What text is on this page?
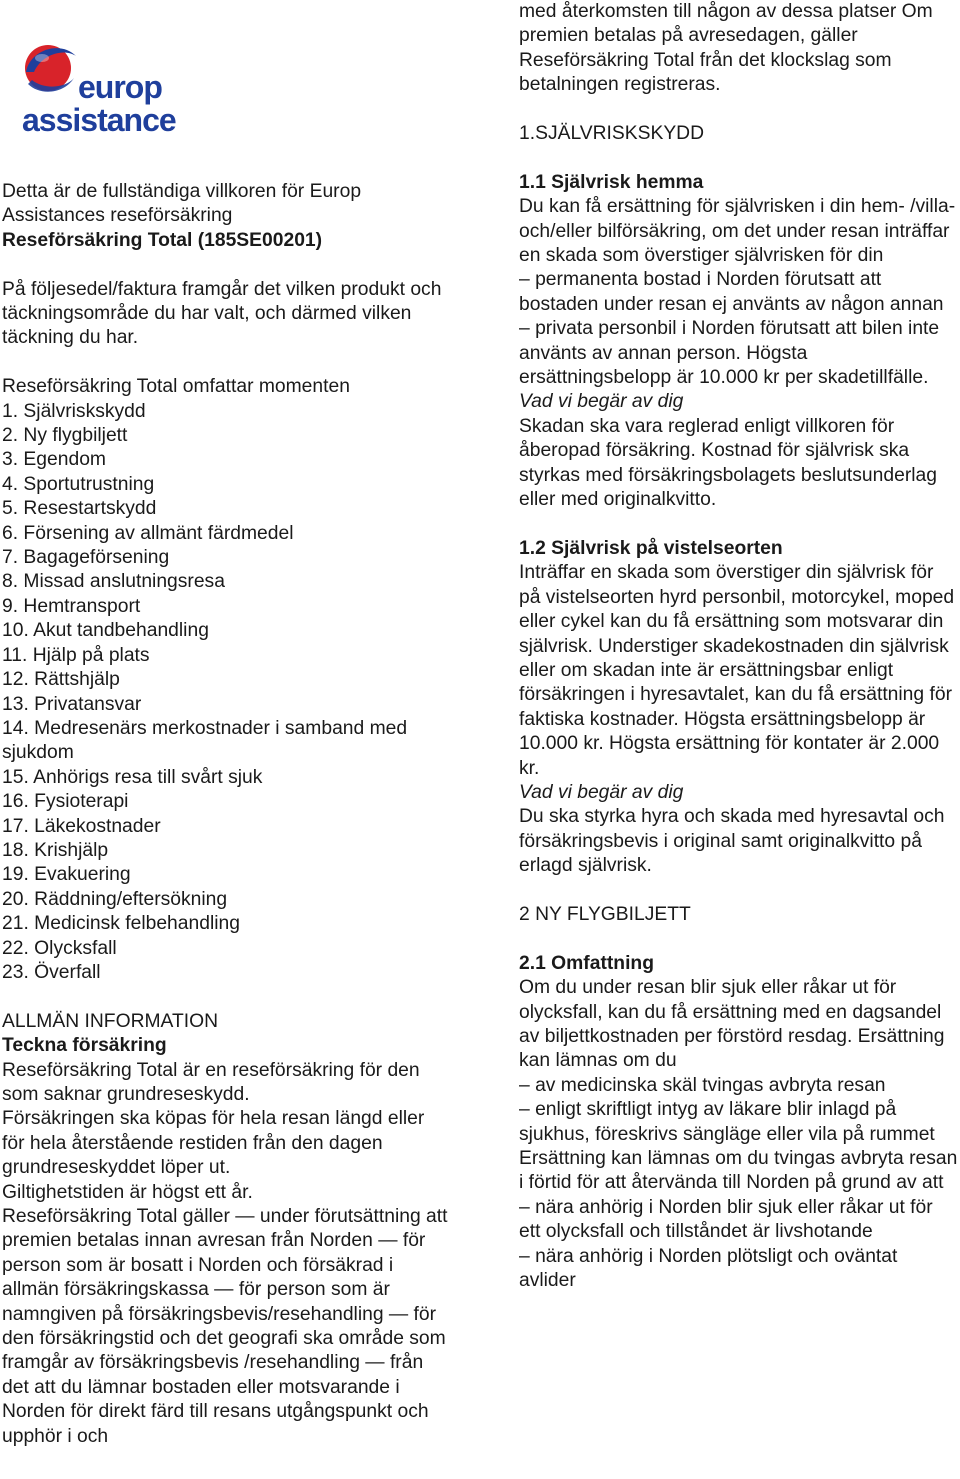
europ
assistance

Detta är de fullständiga villkoren för Europ Assistances reseförsäkring

Reseförsäkring Total (185SE00201)

På följesedel/faktura framgår det vilken produkt och täckningsområde du har valt, och därmed vilken täckning du har.

Reseförsäkring Total omfattar momenten

1. Självriskskydd
2. Ny flygbiljett
3. Egendom
4. Sportutrustning
5. Resestartskydd
6. Försening av allmänt färdmedel
7. Bagageförsening
8. Missad anslutningsresa
9. Hemtransport
10. Akut tandbehandling
11. Hjälp på plats
12. Rättshjälp
13. Privatansvar
14. Medresenärs merkostnader i samband med sjukdom
15. Anhörigs resa till svårt sjuk
16. Fysioterapi
17. Läkekostnader
18. Krishjälp
19. Evakuering
20. Räddning/eftersökning
21. Medicinsk felbehandling
22. Olycksfall
23. Överfall

ALLMÄN INFORMATION

Teckna försäkring

Reseförsäkring Total är en reseförsäkring för den som saknar grundreseskydd.

Försäkringen ska köpas för hela resan längd eller för hela återstående restiden från den dagen grundreseskyddet löper ut.

Giltighetstiden är högst ett år.

Reseförsäkring Total gäller — under förutsättning att premien betalas innan avresan från Norden — för person som är bosatt i Norden och försäkrad i allmän försäkringskassa — för person som är namngiven på försäkringsbevis/resehandling — för den försäkringstid och det geografi ska område som framgår av försäkringsbevis /resehandling — från det att du lämnar bostaden eller motsvarande i Norden för direkt färd till resans utgångspunkt och upphör i och

med återkomsten till någon av dessa platser Om premien betalas på avresedagen, gäller Reseförsäkring Total från det klockslag som betalningen registreras.

1.SJÄLVRISKSKYDD

1.1 Självrisk hemma

Du kan få ersättning för självrisken i din hem- /villa- och/eller bilförsäkring, om det under resan inträffar en skada som överstiger självrisken för din

– permanenta bostad i Norden förutsatt att bostaden under resan ej använts av någon annan

– privata personbil i Norden förutsatt att bilen inte använts av annan person. Högsta ersättningsbelopp är 10.000 kr per skadetillfälle.

Vad vi begär av dig

Skadan ska vara reglerad enligt villkoren för åberopad försäkring. Kostnad för självrisk ska styrkas med försäkringsbolagets beslutsunderlag eller med originalkvitto.

1.2 Självrisk på vistelseorten

Inträffar en skada som överstiger din självrisk för på vistelseorten hyrd personbil, motorcykel, moped eller cykel kan du få ersättning som motsvarar din självrisk. Understiger skadekostnaden din självrisk eller om skadan inte är ersättningsbar enligt försäkringen i hyresavtalet, kan du få ersättning för faktiska kostnader. Högsta ersättningsbelopp är 10.000 kr. Högsta ersättning för kontater är 2.000 kr.

Vad vi begär av dig

Du ska styrka hyra och skada med hyresavtal och försäkringsbevis i original samt originalkvitto på erlagd självrisk.

2 NY FLYGBILJETT

2.1 Omfattning

Om du under resan blir sjuk eller råkar ut för olycksfall, kan du få ersättning med en dagsandel av biljettkostnaden per förstörd resdag. Ersättning kan lämnas om du

– av medicinska skäl tvingas avbryta resan

– enligt skriftligt intyg av läkare blir inlagd på sjukhus, föreskrivs sängläge eller vila på rummet

Ersättning kan lämnas om du tvingas avbryta resan i förtid för att återvända till Norden på grund av att

– nära anhörig i Norden blir sjuk eller råkar ut för ett olycksfall och tillståndet är livshotande

– nära anhörig i Norden plötsligt och oväntat avlider
